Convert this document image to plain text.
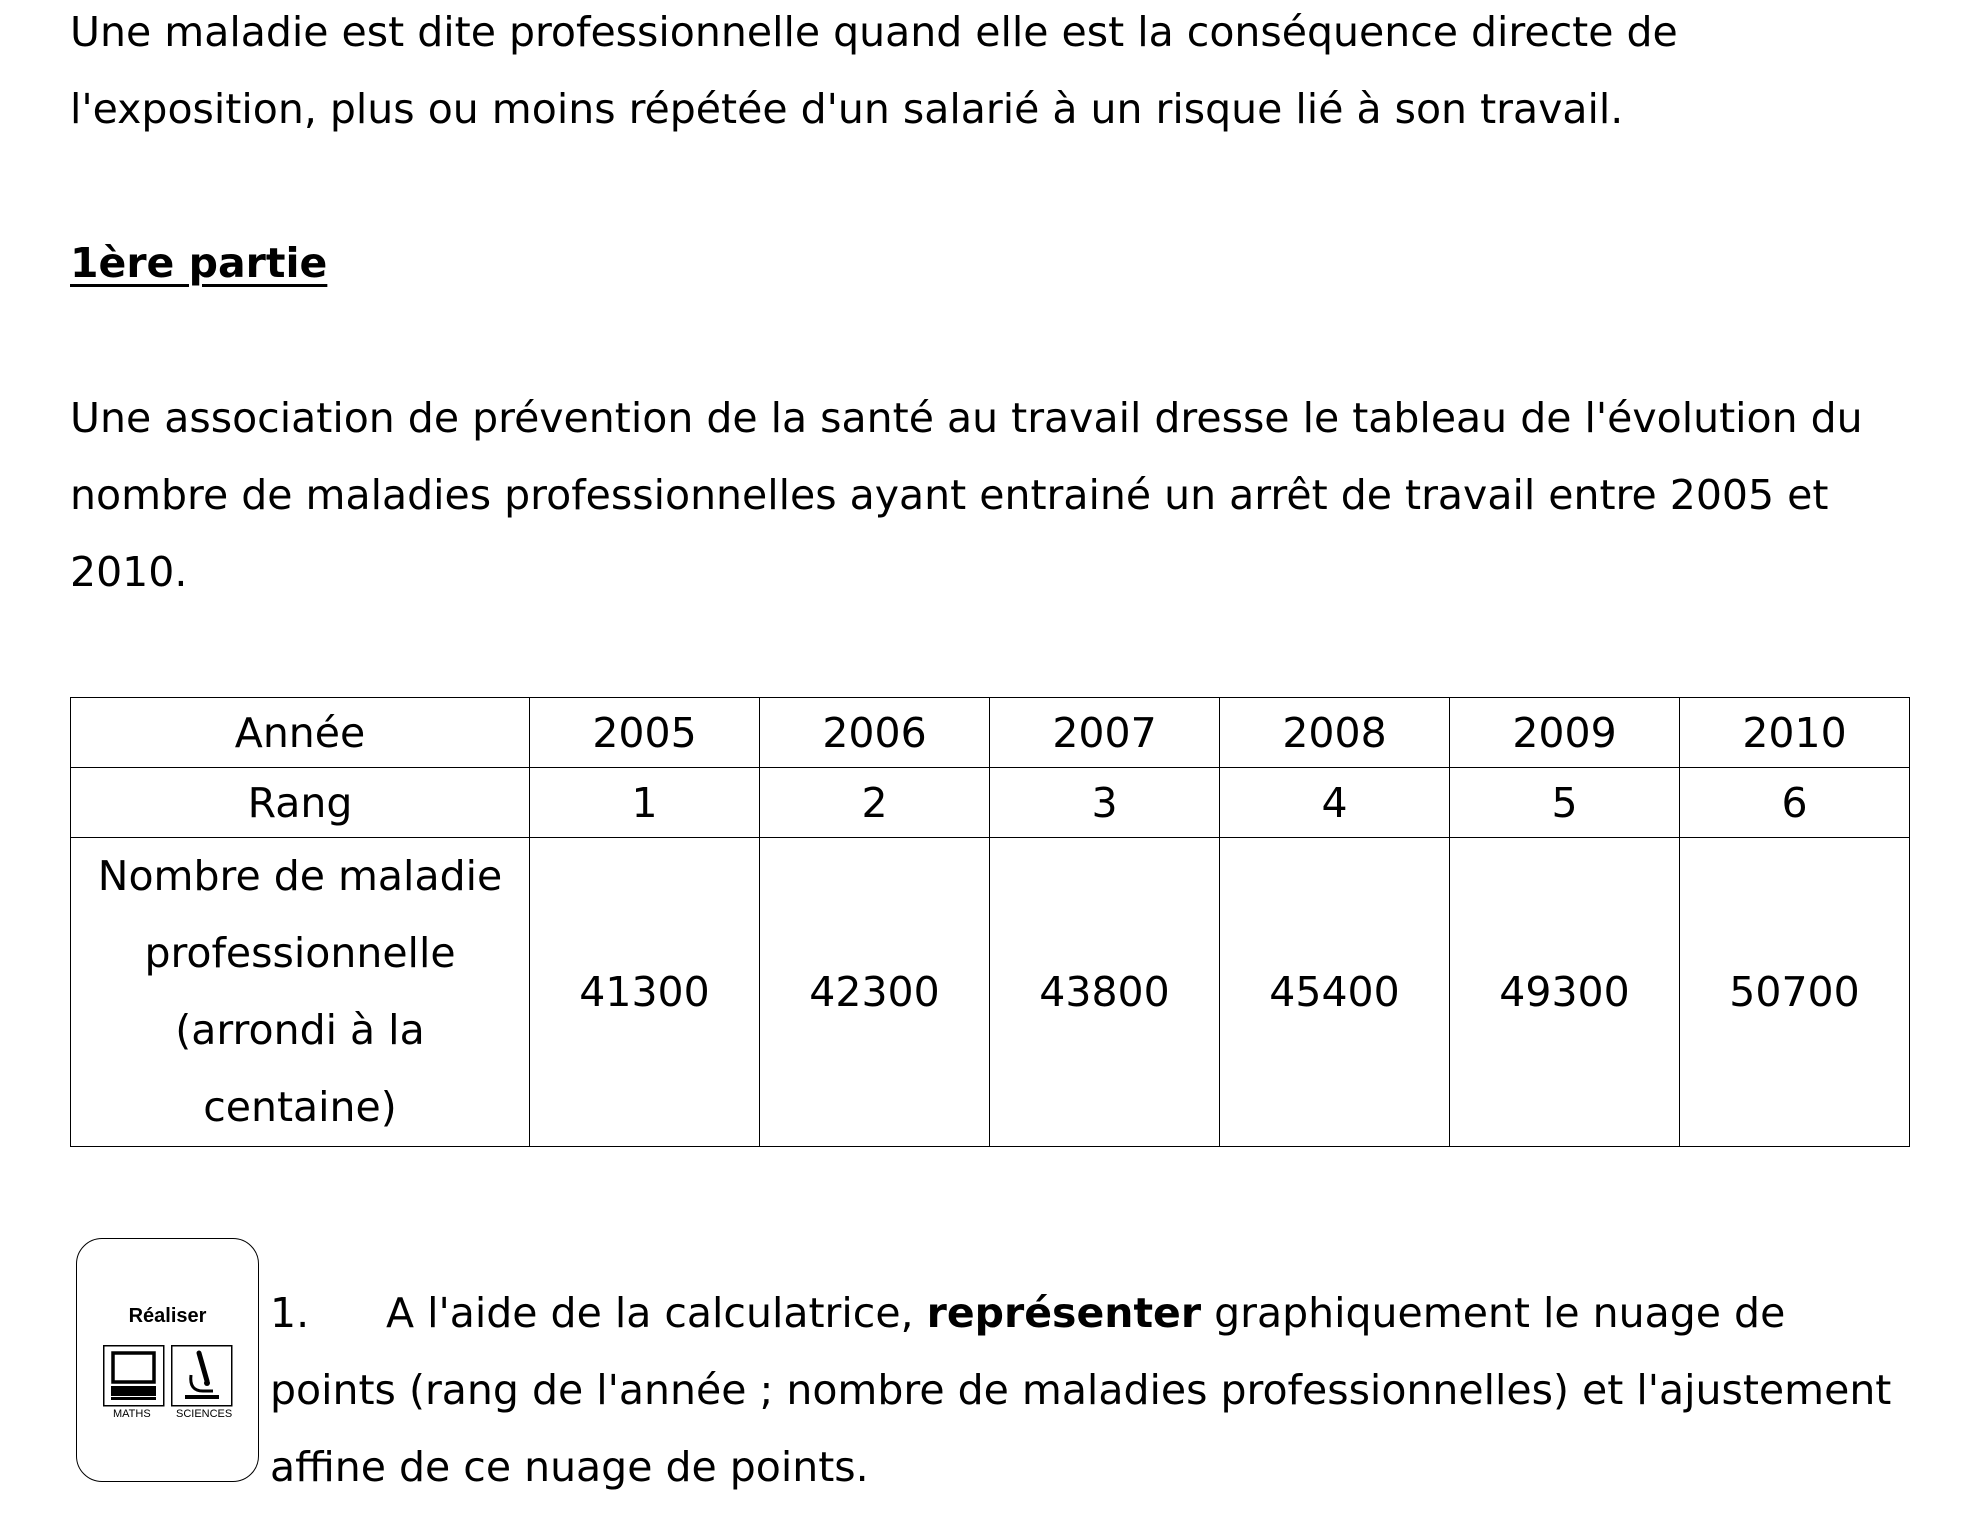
Une maladie est dite professionnelle quand elle est la conséquence directe de l'exposition, plus ou moins répétée d'un salarié à un risque lié à son travail.

1ère partie

Une association de prévention de la santé au travail dresse le tableau de l'évolution du nombre de maladies professionnelles ayant entrainé un arrêt de travail entre 2005 et 2010.

Année	2005	2006	2007	2008	2009	2010
Rang	1	2	3	4	5	6

Nombre de maladie professionnelle (arrondi à la centaine)	41300	42300	43800	45400	49300	50700
Réaliser
MATHS SCIENCES

1. A l'aide de la calculatrice, représenter graphiquement le nuage de points (rang de l'année ; nombre de maladies professionnelles) et l'ajustement affine de ce nuage de points.
